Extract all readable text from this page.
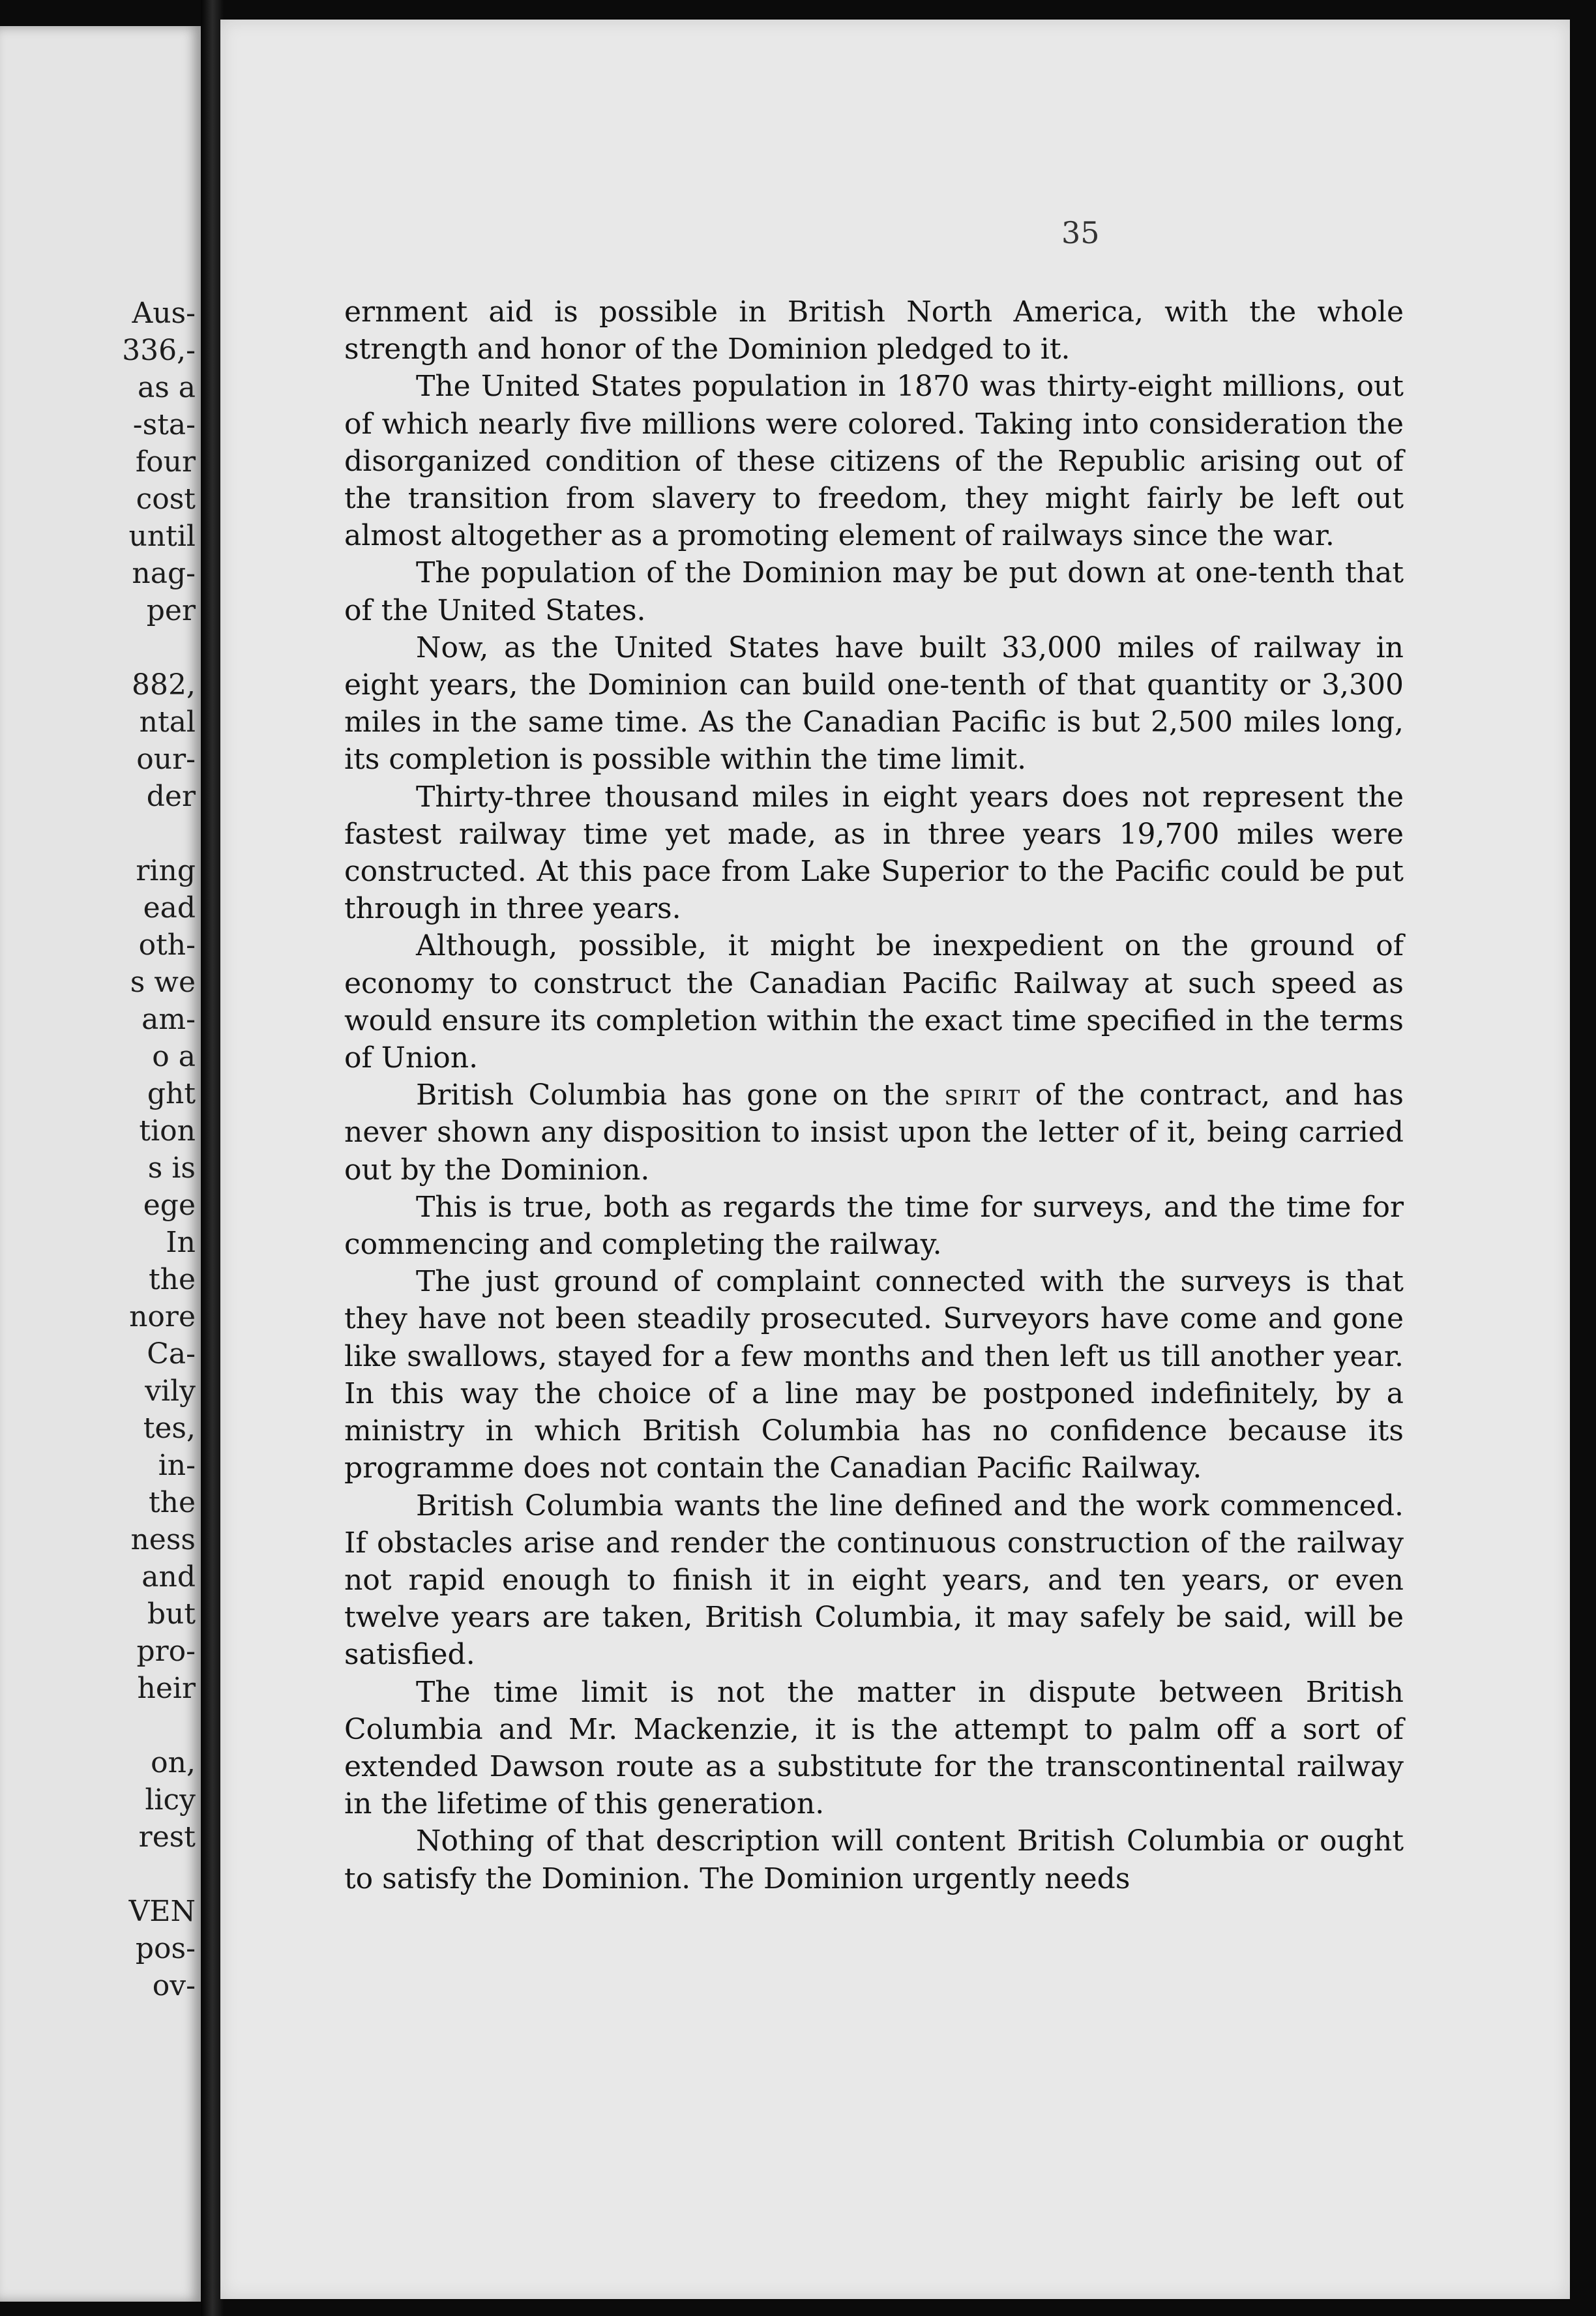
Aus-
336,-
as a
-sta-
four
cost
until
nag-
per
882,
ntal
our-
der
ring
ead
oth-
s we
am-
o a
ght
tion
s is
ege
In
the
nore
Ca-
vily
tes,
in-
the
ness
and
but
pro-
heir
on,
licy
rest
VEN
pos-
ov-
35

ernment aid is possible in British North America, with the whole strength and honor of the Dominion pledged to it.

The United States population in 1870 was thirty-eight millions, out of which nearly five millions were colored. Taking into consideration the disorganized condition of these citizens of the Republic arising out of the transition from slavery to freedom, they might fairly be left out almost altogether as a promoting element of railways since the war.

The population of the Dominion may be put down at one-tenth that of the United States.

Now, as the United States have built 33,000 miles of railway in eight years, the Dominion can build one-tenth of that quantity or 3,300 miles in the same time. As the Canadian Pacific is but 2,500 miles long, its completion is possible within the time limit.

Thirty-three thousand miles in eight years does not represent the fastest railway time yet made, as in three years 19,700 miles were constructed. At this pace from Lake Superior to the Pacific could be put through in three years.

Although, possible, it might be inexpedient on the ground of economy to construct the Canadian Pacific Railway at such speed as would ensure its completion within the exact time specified in the terms of Union.

British Columbia has gone on the spirit of the contract, and has never shown any disposition to insist upon the letter of it, being carried out by the Dominion.

This is true, both as regards the time for surveys, and the time for commencing and completing the railway.

The just ground of complaint connected with the surveys is that they have not been steadily prosecuted. Surveyors have come and gone like swallows, stayed for a few months and then left us till another year. In this way the choice of a line may be postponed indefinitely, by a ministry in which British Columbia has no confidence because its programme does not contain the Canadian Pacific Railway.

British Columbia wants the line defined and the work commenced. If obstacles arise and render the continuous construction of the railway not rapid enough to finish it in eight years, and ten years, or even twelve years are taken, British Columbia, it may safely be said, will be satisfied.

The time limit is not the matter in dispute between British Columbia and Mr. Mackenzie, it is the attempt to palm off a sort of extended Dawson route as a substitute for the transcontinental railway in the lifetime of this generation.

Nothing of that description will content British Columbia or ought to satisfy the Dominion. The Dominion urgently needs
